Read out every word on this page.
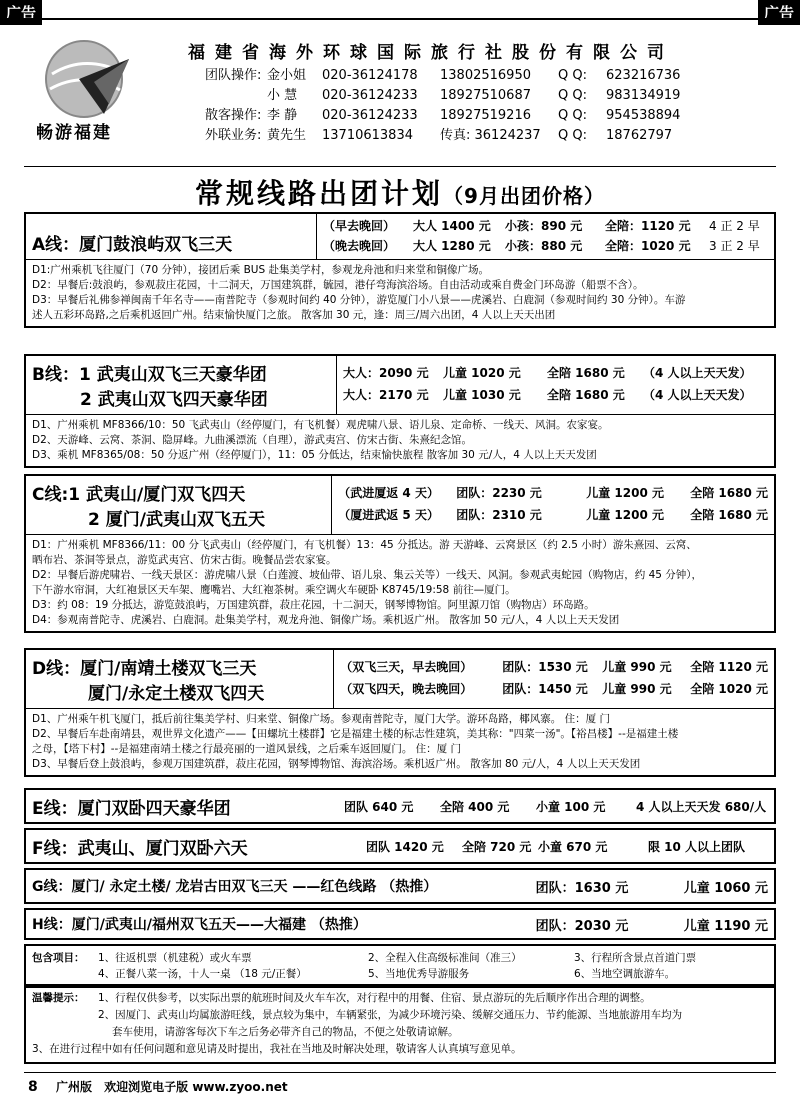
广告	广告
畅游福建
福建省海外环球国际旅行社股份有限公司
团队操作: 金小姐	020-36124178	13802516950	Q Q:	623216736
小 慧	020-36124233	18927510687	Q Q:	983134919
散客操作: 李 静	020-36124233	18927519216	Q Q:	954538894
外联业务: 黄先生	13710613834	传真: 36124237	Q Q:	18762797
常规线路出团计划（9月出团价格）
A线：厦门鼓浪屿双飞三天
（早去晚回）	大人 1400 元	小孩：890 元	全陪：1120 元	4 正 2 早
（晚去晚回）	大人 1280 元	小孩：880 元	全陪：1020 元	3 正 2 早

D1:广州乘机飞往厦门（70 分钟），接团后乘 BUS 赴集美学村，参观龙舟池和归来堂和铜像广场。

D2：早餐后:鼓浪屿，参观菽庄花园，十二洞天，万国建筑群，毓园，港仔弯海滨浴场。自由活动或乘自费金门环岛游（船票不含）。

D3：早餐后礼佛参禅闽南千年名寺——南普陀寺（参观时间约 40 分钟），游览厦门小八景——虎溪岩、白鹿洞（参观时间约 30 分钟）。车游

述人五彩环岛路,之后乘机返回广州。结束愉快厦门之旅。 散客加 30 元，逢：周三/周六出团，4 人以上天天出团

B线：1 武夷山双飞三天豪华团
2 武夷山双飞四天豪华团
大人：2090 元	儿童 1020 元	全陪 1680 元	（4 人以上天天发）
大人：2170 元	儿童 1030 元	全陪 1680 元	（4 人以上天天发）

D1、广州乘机 MF8366/10：50 飞武夷山（经停厦门，有飞机餐）观虎啸八景、语儿泉、定命桥、一线天、风洞。农家宴。

D2、天游峰、云窝、茶洞、隐屏峰。九曲溪漂流（自理），游武夷宫、仿宋古街、朱熹纪念馆。

D3、乘机 MF8365/08：50 分返广州（经停厦门），11：05 分低达，结束愉快旅程 散客加 30 元/人，4 人以上天天发团

C线:1 武夷山/厦门双飞四天
2 厦门/武夷山双飞五天
（武进厦返 4 天）	团队：2230 元	儿童 1200 元	全陪 1680 元
（厦进武返 5 天）	团队：2310 元	儿童 1200 元	全陪 1680 元

D1：广州乘机 MF8366/11：00 分飞武夷山（经停厦门，有飞机餐）13：45 分抵达。游 天游峰、云窝景区（约 2.5 小时）游朱熹园、云窝、

晒布岩、茶洞等景点，游览武夷宫、仿宋古街。晚餐品尝农家宴。

D2：早餐后游虎啸岩、一线天景区：游虎啸八景（白莲渡、坡仙带、语儿泉、集云关等）一线天、风洞。参观武夷蛇园（购物店，约 45 分钟），

下午游水帘洞，大红袍景区天车架、鹰嘴岩、大红袍茶树。乘空调火车硬卧 K8745/19:58 前往—厦门。

D3：约 08：19 分抵达，游览鼓浪屿，万国建筑群，菽庄花园，十二洞天，钢琴博物馆。阿里源刀馆（购物店）环岛路。

D4：参观南普陀寺、虎溪岩、白鹿洞。赴集美学村，观龙舟池、铜像广场。乘机返广州。 散客加 50 元/人，4 人以上天天发团

D线：厦门/南靖土楼双飞三天
厦门/永定土楼双飞四天
（双飞三天，早去晚回）	团队：1530 元	儿童 990 元	全陪 1120 元
（双飞四天，晚去晚回）	团队：1450 元	儿童 990 元	全陪 1020 元

D1、广州乘午机飞厦门，抵后前往集美学村、归来堂、铜像广场。参观南普陀寺，厦门大学。游环岛路，椰风寨。 住：厦 门

D2、早餐后车赴南靖县，观世界文化遗产——【田螺坑土楼群】它是福建土楼的标志性建筑，美其称："四菜一汤"。【裕昌楼】--是福建土楼

之母，【塔下村】--是福建南靖土楼之行最亮丽的一道风景线，之后乘车返回厦门。 住：厦 门

D3、早餐后登上鼓浪屿，参观万国建筑群，菽庄花园，钢琴博物馆、海滨浴场。乘机返广州。 散客加 80 元/人，4 人以上天天发团

E线：厦门双卧四天豪华团	团队 640 元	全陪 400 元	小童 100 元	4 人以上天天发 680/人
F线：武夷山、厦门双卧六天	团队 1420 元	全陪 720 元 小童 670 元	限 10 人以上团队
G线：厦门/ 永定土楼/ 龙岩古田双飞三天 ——红色线路 （热推）	团队：1630 元	儿童 1060 元
H线：厦门/武夷山/福州双飞五天——大福建 （热推）	团队：2030 元	儿童 1190 元
包含项目：	1、往返机票（机建税）或火车票	2、全程入住高级标准间（准三）	3、行程所含景点首道门票
4、正餐八菜一汤，十人一桌 （18 元/正餐）	5、当地优秀导游服务	6、当地空调旅游车。
温馨提示：	1、行程仅供参考，以实际出票的航班时间及火车车次，对行程中的用餐、住宿、景点游玩的先后顺序作出合理的调整。
2、因厦门、武夷山均属旅游旺线，景点较为集中，车辆紧张，为减少环境污染、缓解交通压力、节约能源、当地旅游用车均为
套车使用，请游客每次下车之后务必带齐自己的物品，不便之处敬请谅解。
3、在进行过程中如有任何问题和意见请及时提出，我社在当地及时解决处理，敬请客人认真填写意见单。
8 广州版 欢迎浏览电子版 www.zyoo.net
